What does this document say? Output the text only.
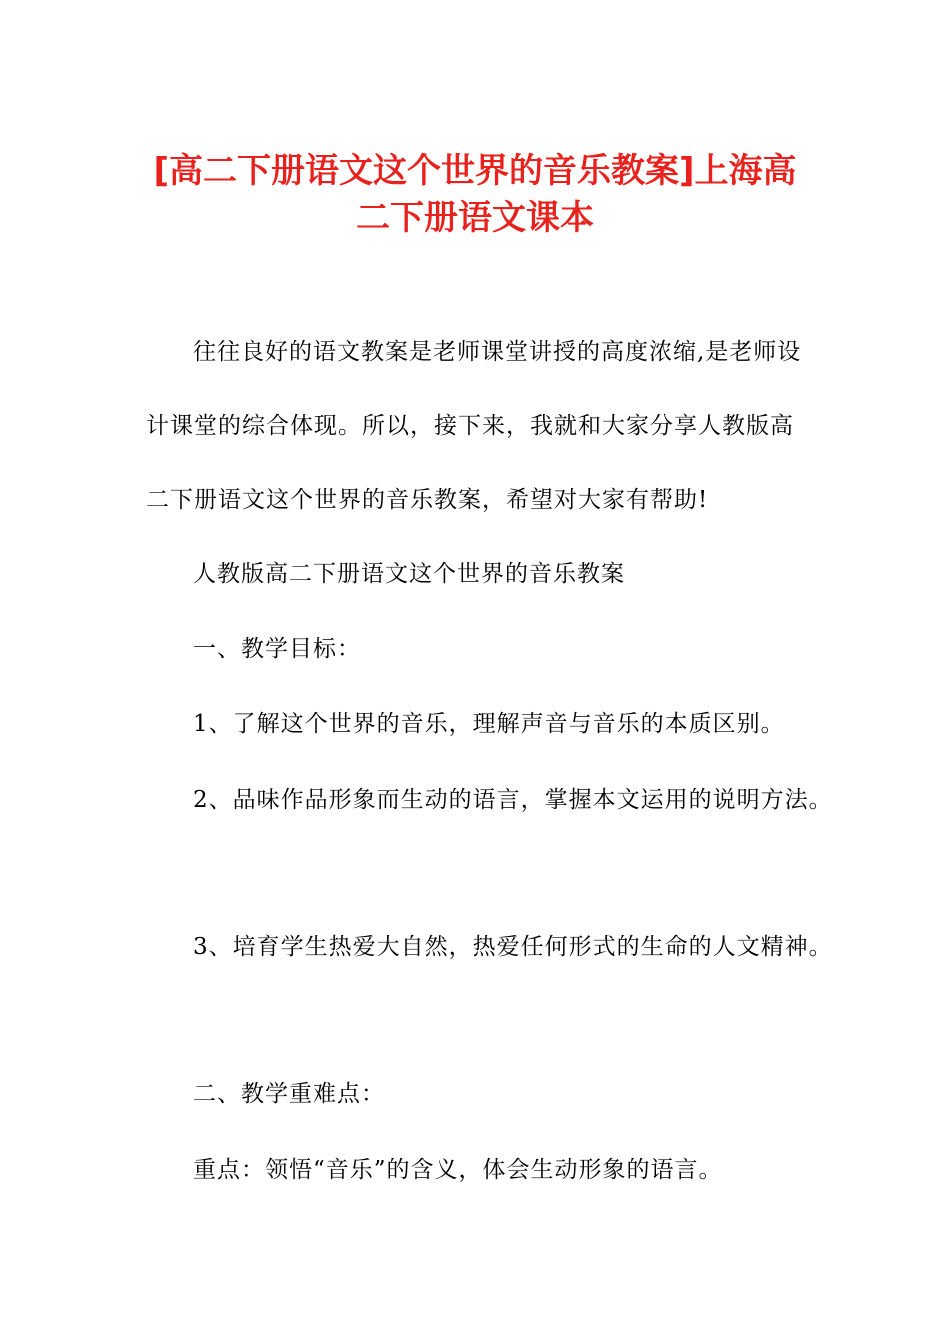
[高二下册语文这个世界的音乐教案]上海高
二下册语文课本
往往良好的语文教案是老师课堂讲授的高度浓缩,是老师设
计课堂的综合体现。所以，接下来，我就和大家分享人教版高
二下册语文这个世界的音乐教案，希望对大家有帮助!
人教版高二下册语文这个世界的音乐教案
一、教学目标：
1、了解这个世界的音乐，理解声音与音乐的本质区别。
2、品味作品形象而生动的语言，掌握本文运用的说明方法。
3、培育学生热爱大自然，热爱任何形式的生命的人文精神。
二、教学重难点：
重点：领悟“音乐”的含义，体会生动形象的语言。
